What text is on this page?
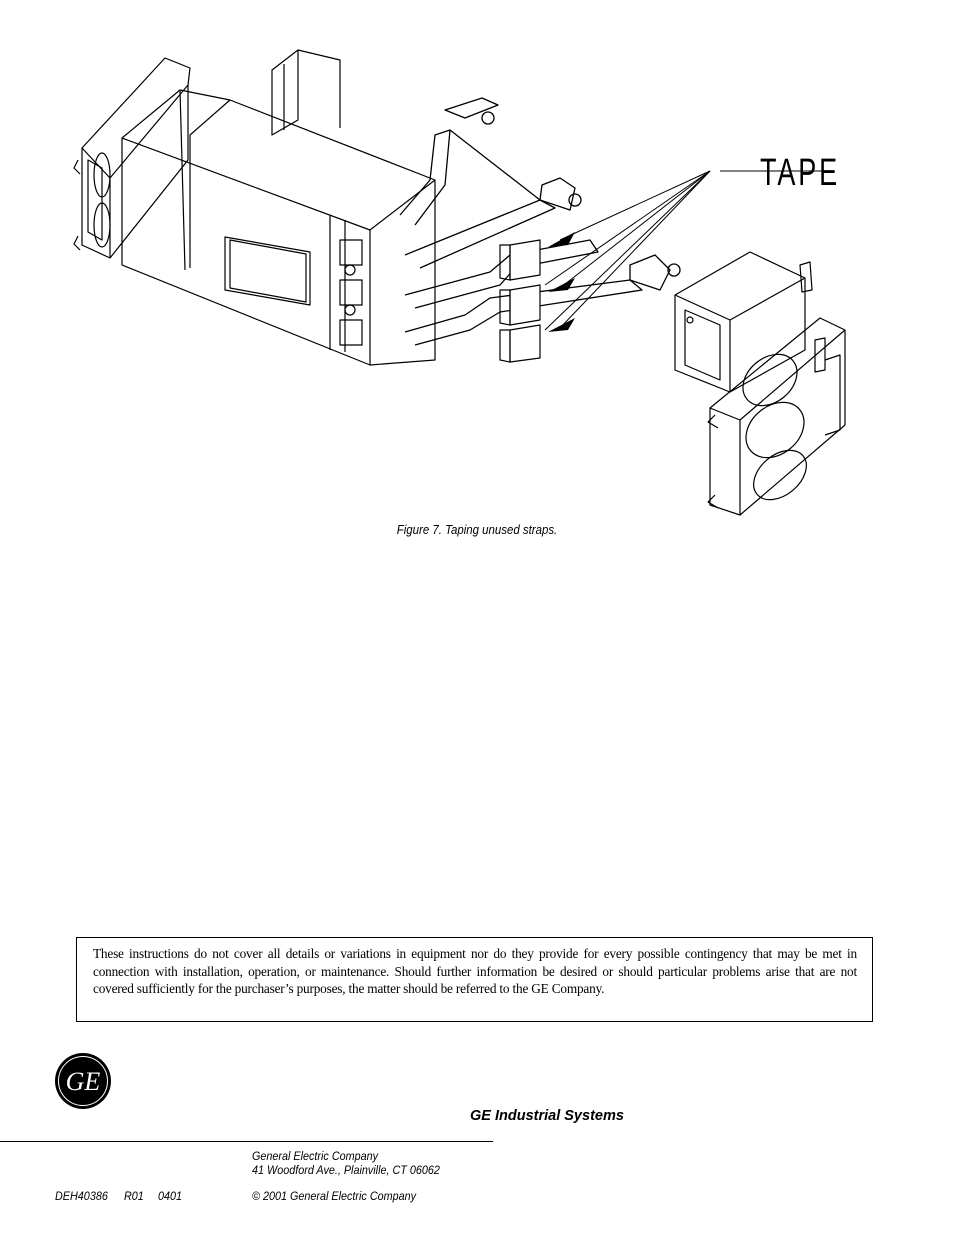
TAPE
Figure 7. Taping unused straps.
These instructions do not cover all details or variations in equipment nor do they provide for every possible contingency that may be met in connection with installation, operation, or maintenance. Should further information be desired or should particular problems arise that are not covered sufficiently for the purchaser’s purposes, the matter should be referred to the GE Company.
GE
GE Industrial Systems
General Electric Company
41 Woodford Ave., Plainville, CT 06062
© 2001 General Electric Company
DEH40386 R01 0401
